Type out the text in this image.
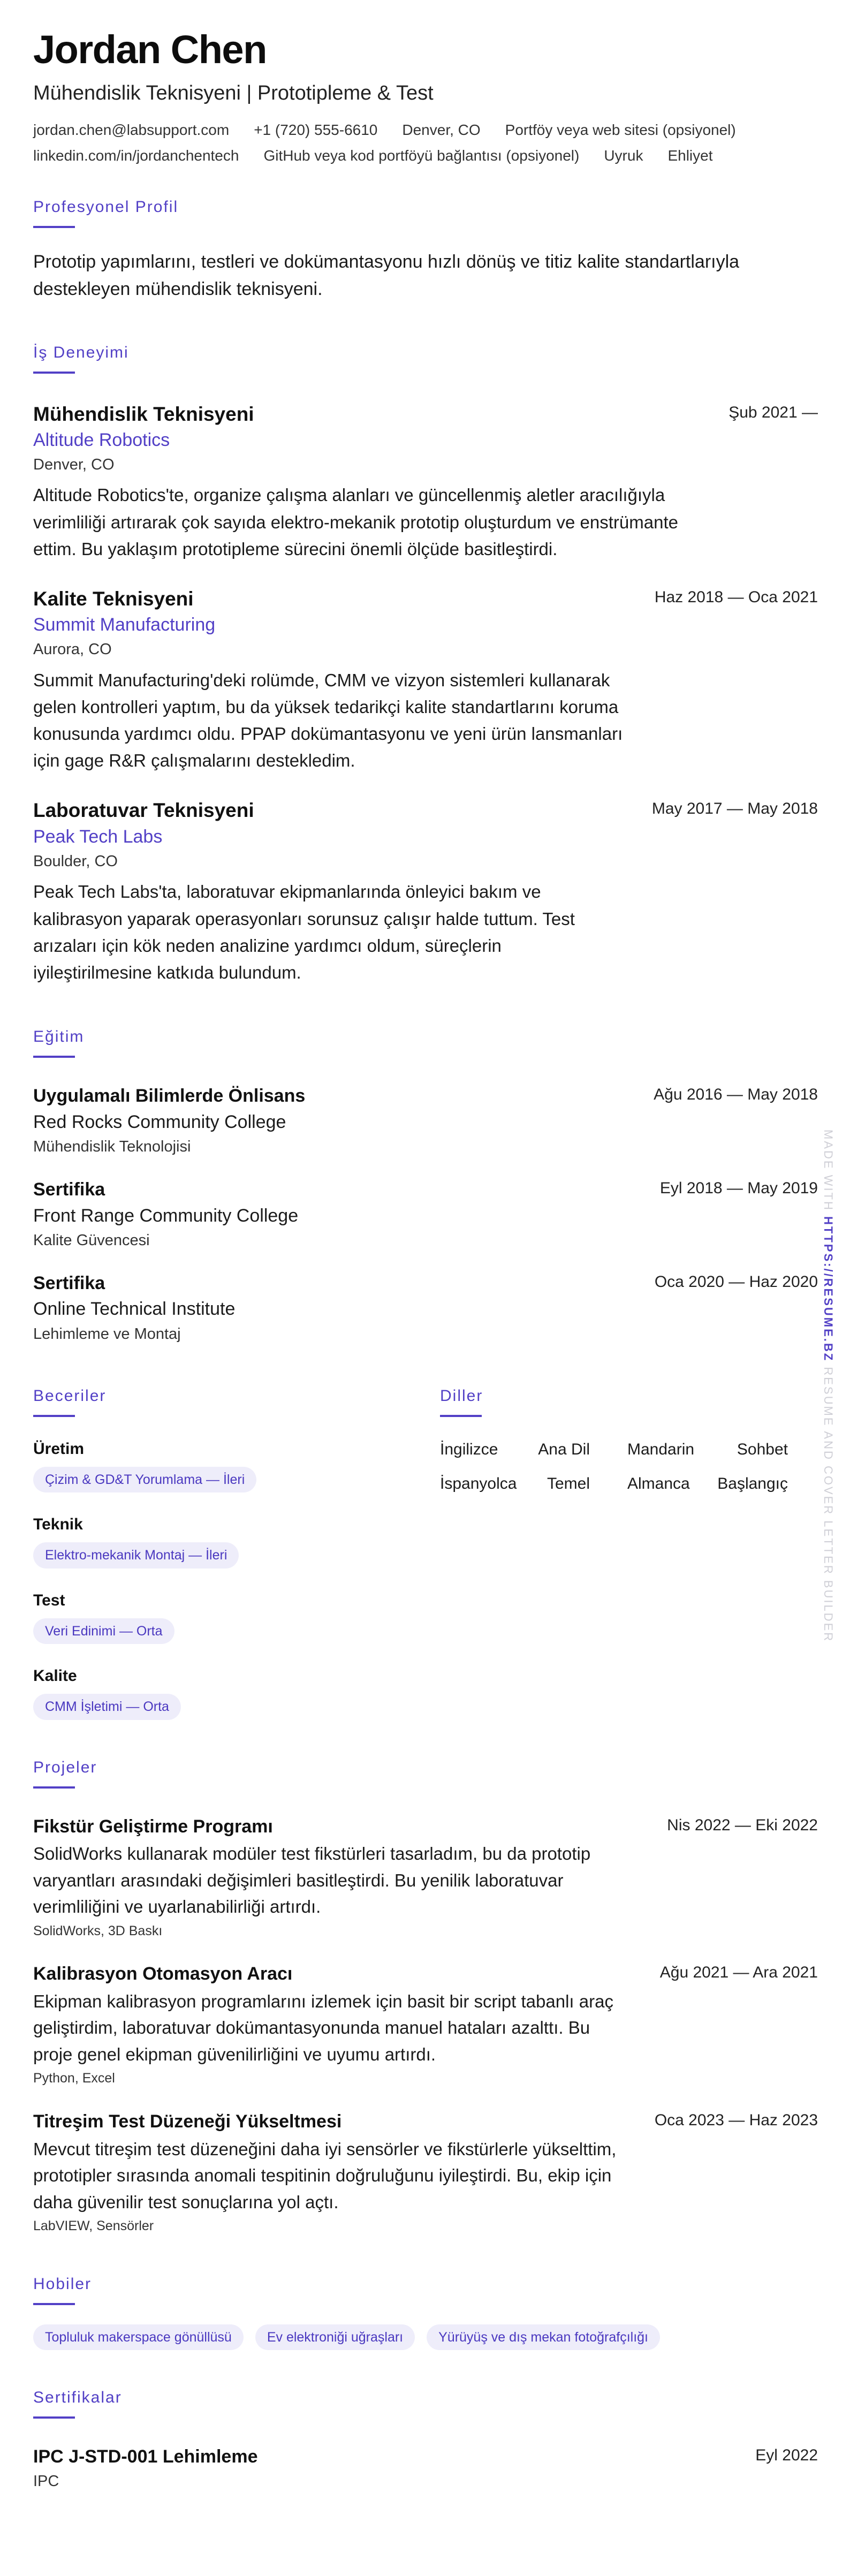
Jordan Chen
Mühendislik Teknisyeni | Prototipleme & Test
jordan.chen@labsupport.com +1 (720) 555-6610 Denver, CO Portföy veya web sitesi (opsiyonel)
linkedin.com/in/jordanchentech GitHub veya kod portföyü bağlantısı (opsiyonel) Uyruk Ehliyet
Profesyonel Profil

Prototip yapımlarını, testleri ve dokümantasyonu hızlı dönüş ve titiz kalite standartlarıyla destekleyen mühendislik teknisyeni.

İş Deneyimi
Mühendislik Teknisyeni	Şub 2021 —
Altitude Robotics
Denver, CO
Altitude Robotics'te, organize çalışma alanları ve güncellenmiş aletler aracılığıyla verimliliği artırarak çok sayıda elektro-mekanik prototip oluşturdum ve enstrümante ettim. Bu yaklaşım prototipleme sürecini önemli ölçüde basitleştirdi.
Kalite Teknisyeni	Haz 2018 — Oca 2021
Summit Manufacturing
Aurora, CO
Summit Manufacturing'deki rolümde, CMM ve vizyon sistemleri kullanarak gelen kontrolleri yaptım, bu da yüksek tedarikçi kalite standartlarını koruma konusunda yardımcı oldu. PPAP dokümantasyonu ve yeni ürün lansmanları için gage R&R çalışmalarını destekledim.
Laboratuvar Teknisyeni	May 2017 — May 2018
Peak Tech Labs
Boulder, CO
Peak Tech Labs'ta, laboratuvar ekipmanlarında önleyici bakım ve kalibrasyon yaparak operasyonları sorunsuz çalışır halde tuttum. Test arızaları için kök neden analizine yardımcı oldum, süreçlerin iyileştirilmesine katkıda bulundum.
Eğitim
Uygulamalı Bilimlerde Önlisans	Ağu 2016 — May 2018
Red Rocks Community College
Mühendislik Teknolojisi
Sertifika	Eyl 2018 — May 2019
Front Range Community College
Kalite Güvencesi
Sertifika	Oca 2020 — Haz 2020
Online Technical Institute
Lehimleme ve Montaj
Beceriler
Üretim
Çizim & GD&T Yorumlama — İleri
Teknik
Elektro-mekanik Montaj — İleri
Test
Veri Edinimi — Orta
Kalite
CMM İşletimi — Orta
Diller
İngilizce Ana Dil Mandarin	Sohbet
İspanyolca Temel Almanca Başlangıç
Projeler
Fikstür Geliştirme Programı	Nis 2022 — Eki 2022
SolidWorks kullanarak modüler test fikstürleri tasarladım, bu da prototip varyantları arasındaki değişimleri basitleştirdi. Bu yenilik laboratuvar verimliliğini ve uyarlanabilirliği artırdı.
SolidWorks, 3D Baskı
Kalibrasyon Otomasyon Aracı	Ağu 2021 — Ara 2021
Ekipman kalibrasyon programlarını izlemek için basit bir script tabanlı araç geliştirdim, laboratuvar dokümantasyonunda manuel hataları azalttı. Bu proje genel ekipman güvenilirliğini ve uyumu artırdı.
Python, Excel
Titreşim Test Düzeneği Yükseltmesi	Oca 2023 — Haz 2023
Mevcut titreşim test düzeneğini daha iyi sensörler ve fikstürlerle yükselttim, prototipler sırasında anomali tespitinin doğruluğunu iyileştirdi. Bu, ekip için daha güvenilir test sonuçlarına yol açtı.
LabVIEW, Sensörler
Hobiler
Topluluk makerspace gönüllüsü	Ev elektroniği uğraşları	Yürüyüş ve dış mekan fotoğrafçılığı
Sertifikalar
IPC J-STD-001 Lehimleme	Eyl 2022
IPC
MADE WITH HTTPS://RESUME.BZ RESUME AND COVER LETTER BUILDER
